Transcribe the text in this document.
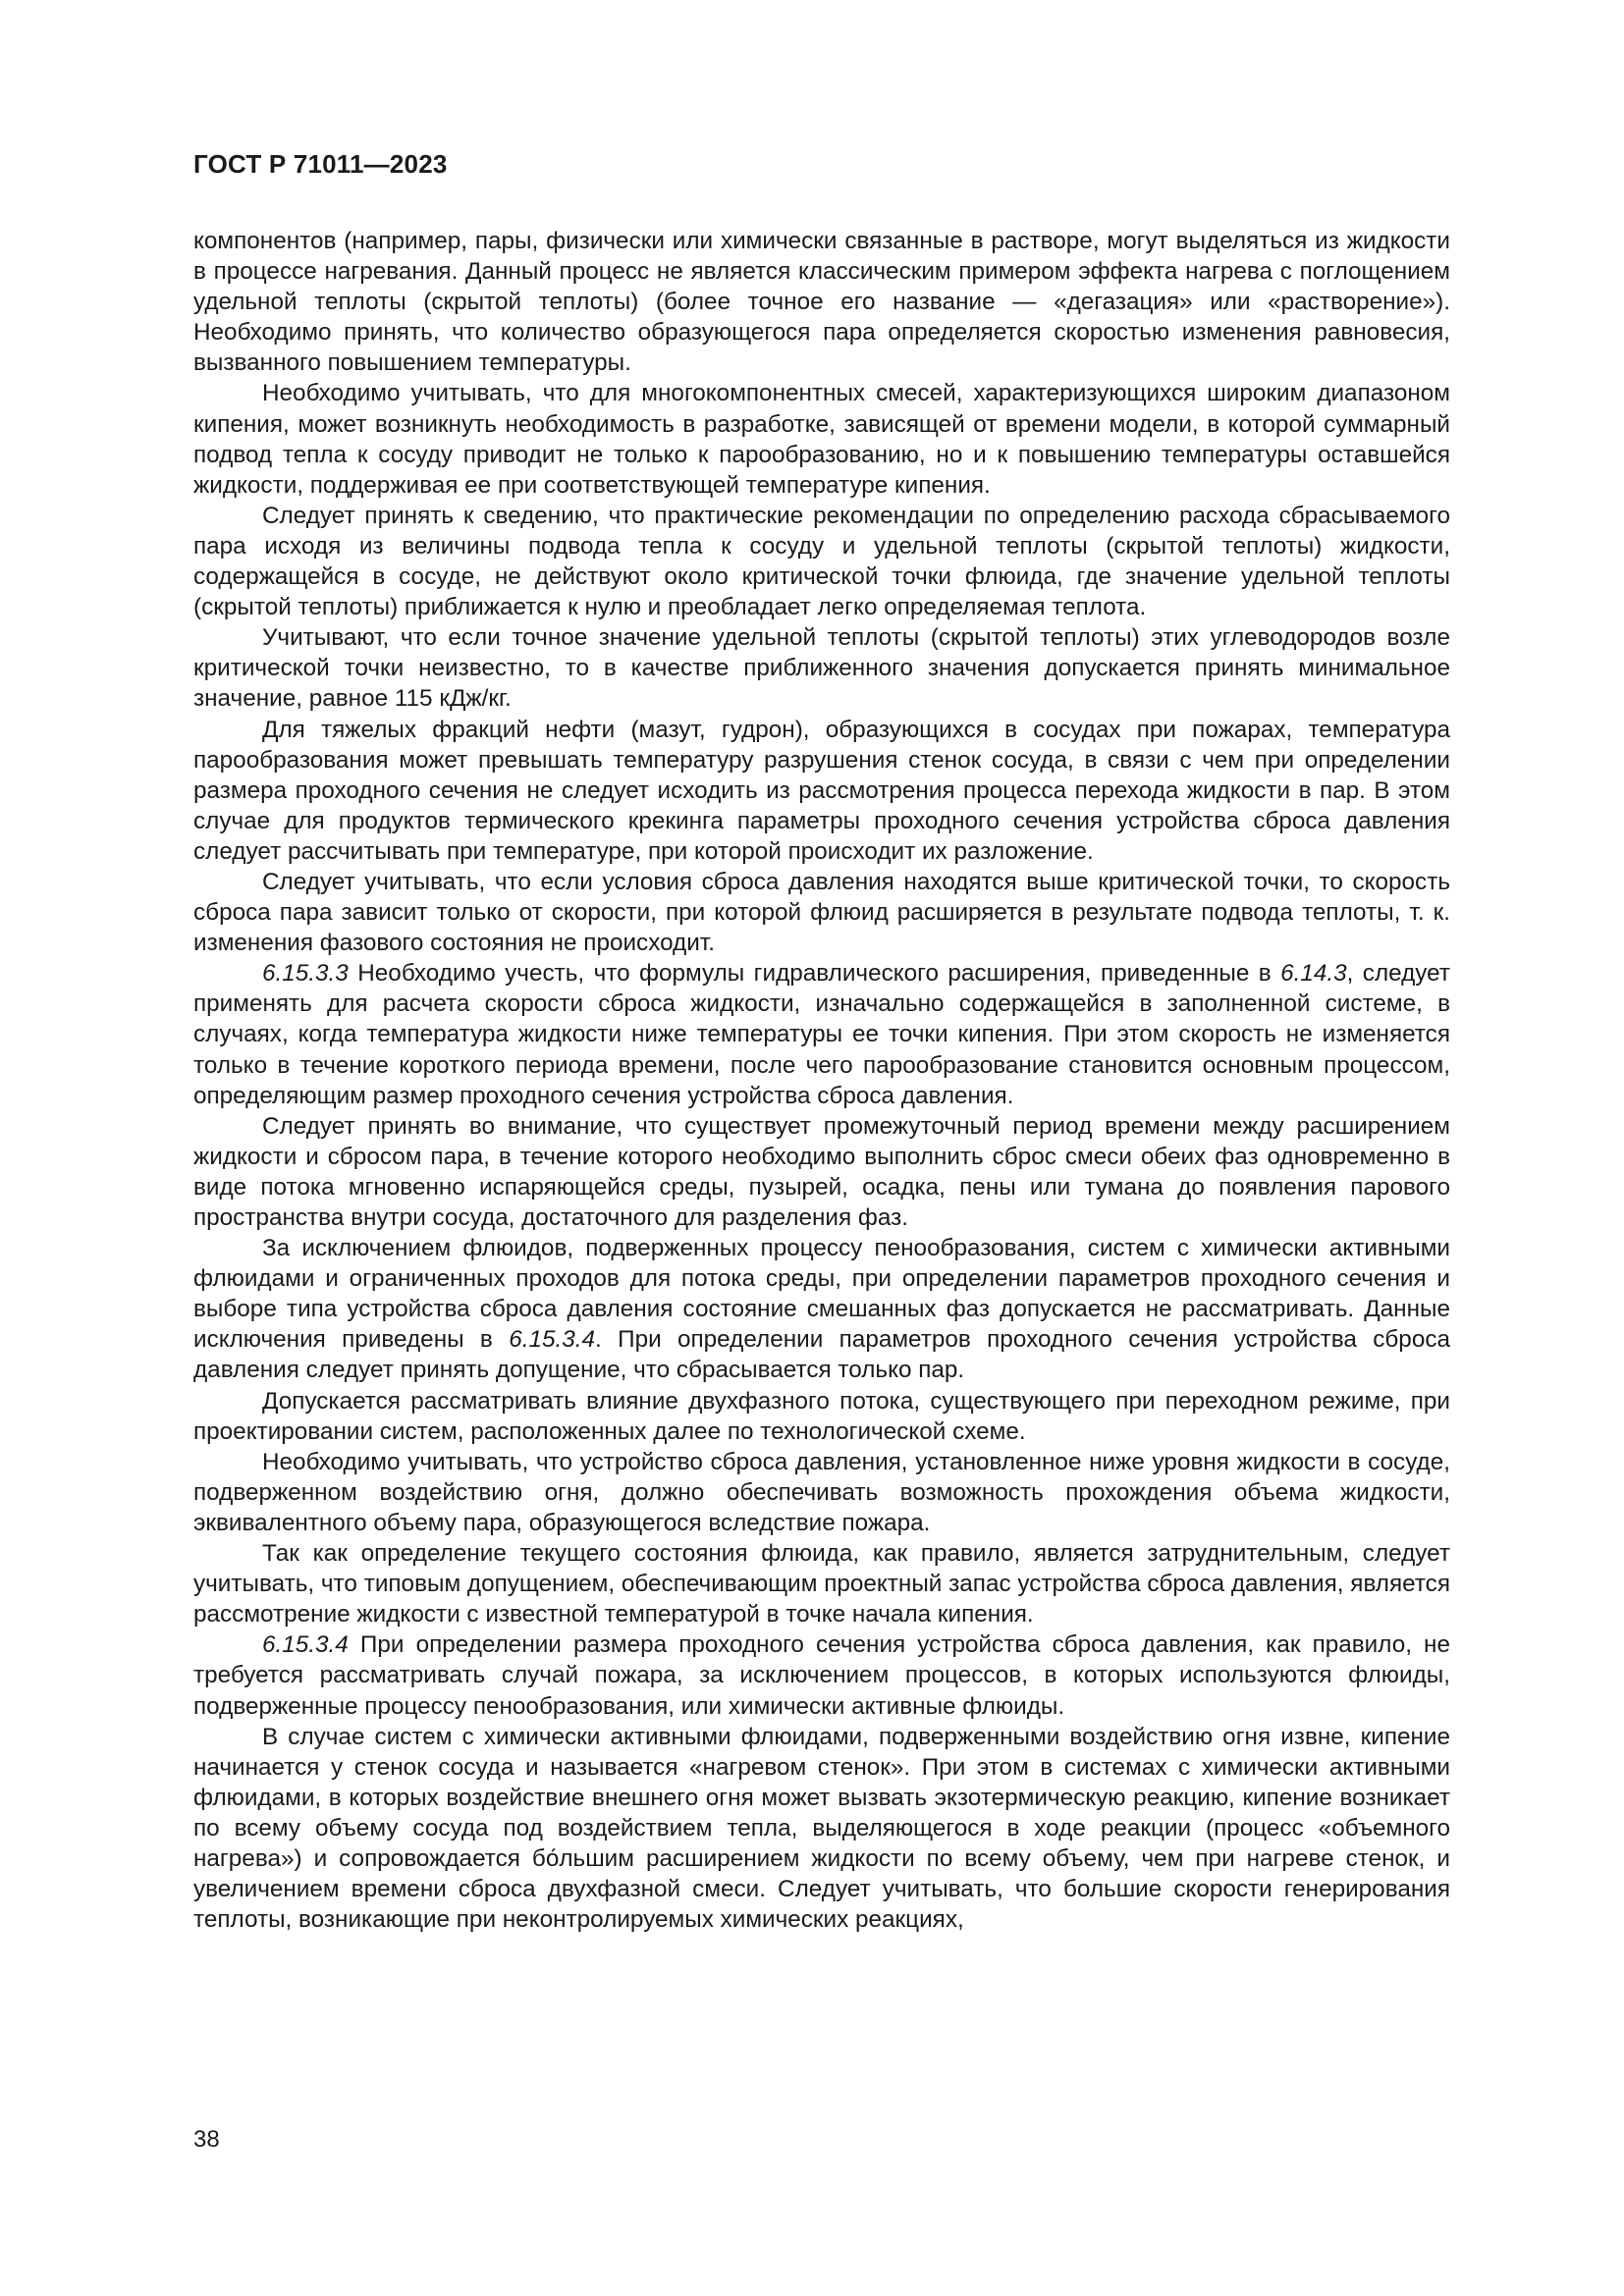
ГОСТ Р 71011—2023

компонентов (например, пары, физически или химически связанные в растворе, могут выделяться из жидкости в процессе нагревания. Данный процесс не является классическим примером эффекта нагрева с поглощением удельной теплоты (скрытой теплоты) (более точное его название — «дегазация» или «растворение»). Необходимо принять, что количество образующегося пара определяется скоростью изменения равновесия, вызванного повышением температуры.

Необходимо учитывать, что для многокомпонентных смесей, характеризующихся широким диапазоном кипения, может возникнуть необходимость в разработке, зависящей от времени модели, в которой суммарный подвод тепла к сосуду приводит не только к парообразованию, но и к повышению температуры оставшейся жидкости, поддерживая ее при соответствующей температуре кипения.

Следует принять к сведению, что практические рекомендации по определению расхода сбрасываемого пара исходя из величины подвода тепла к сосуду и удельной теплоты (скрытой теплоты) жидкости, содержащейся в сосуде, не действуют около критической точки флюида, где значение удельной теплоты (скрытой теплоты) приближается к нулю и преобладает легко определяемая теплота.

Учитывают, что если точное значение удельной теплоты (скрытой теплоты) этих углеводородов возле критической точки неизвестно, то в качестве приближенного значения допускается принять минимальное значение, равное 115 кДж/кг.

Для тяжелых фракций нефти (мазут, гудрон), образующихся в сосудах при пожарах, температура парообразования может превышать температуру разрушения стенок сосуда, в связи с чем при определении размера проходного сечения не следует исходить из рассмотрения процесса перехода жидкости в пар. В этом случае для продуктов термического крекинга параметры проходного сечения устройства сброса давления следует рассчитывать при температуре, при которой происходит их разложение.

Следует учитывать, что если условия сброса давления находятся выше критической точки, то скорость сброса пара зависит только от скорости, при которой флюид расширяется в результате подвода теплоты, т. к. изменения фазового состояния не происходит.

6.15.3.3 Необходимо учесть, что формулы гидравлического расширения, приведенные в 6.14.3, следует применять для расчета скорости сброса жидкости, изначально содержащейся в заполненной системе, в случаях, когда температура жидкости ниже температуры ее точки кипения. При этом скорость не изменяется только в течение короткого периода времени, после чего парообразование становится основным процессом, определяющим размер проходного сечения устройства сброса давления.

Следует принять во внимание, что существует промежуточный период времени между расширением жидкости и сбросом пара, в течение которого необходимо выполнить сброс смеси обеих фаз одновременно в виде потока мгновенно испаряющейся среды, пузырей, осадка, пены или тумана до появления парового пространства внутри сосуда, достаточного для разделения фаз.

За исключением флюидов, подверженных процессу пенообразования, систем с химически активными флюидами и ограниченных проходов для потока среды, при определении параметров проходного сечения и выборе типа устройства сброса давления состояние смешанных фаз допускается не рассматривать. Данные исключения приведены в 6.15.3.4. При определении параметров проходного сечения устройства сброса давления следует принять допущение, что сбрасывается только пар.

Допускается рассматривать влияние двухфазного потока, существующего при переходном режиме, при проектировании систем, расположенных далее по технологической схеме.

Необходимо учитывать, что устройство сброса давления, установленное ниже уровня жидкости в сосуде, подверженном воздействию огня, должно обеспечивать возможность прохождения объема жидкости, эквивалентного объему пара, образующегося вследствие пожара.

Так как определение текущего состояния флюида, как правило, является затруднительным, следует учитывать, что типовым допущением, обеспечивающим проектный запас устройства сброса давления, является рассмотрение жидкости с известной температурой в точке начала кипения.

6.15.3.4 При определении размера проходного сечения устройства сброса давления, как правило, не требуется рассматривать случай пожара, за исключением процессов, в которых используются флюиды, подверженные процессу пенообразования, или химически активные флюиды.

В случае систем с химически активными флюидами, подверженными воздействию огня извне, кипение начинается у стенок сосуда и называется «нагревом стенок». При этом в системах с химически активными флюидами, в которых воздействие внешнего огня может вызвать экзотермическую реакцию, кипение возникает по всему объему сосуда под воздействием тепла, выделяющегося в ходе реакции (процесс «объемного нагрева») и сопровождается бо́льшим расширением жидкости по всему объему, чем при нагреве стенок, и увеличением времени сброса двухфазной смеси. Следует учитывать, что большие скорости генерирования теплоты, возникающие при неконтролируемых химических реакциях,

38
